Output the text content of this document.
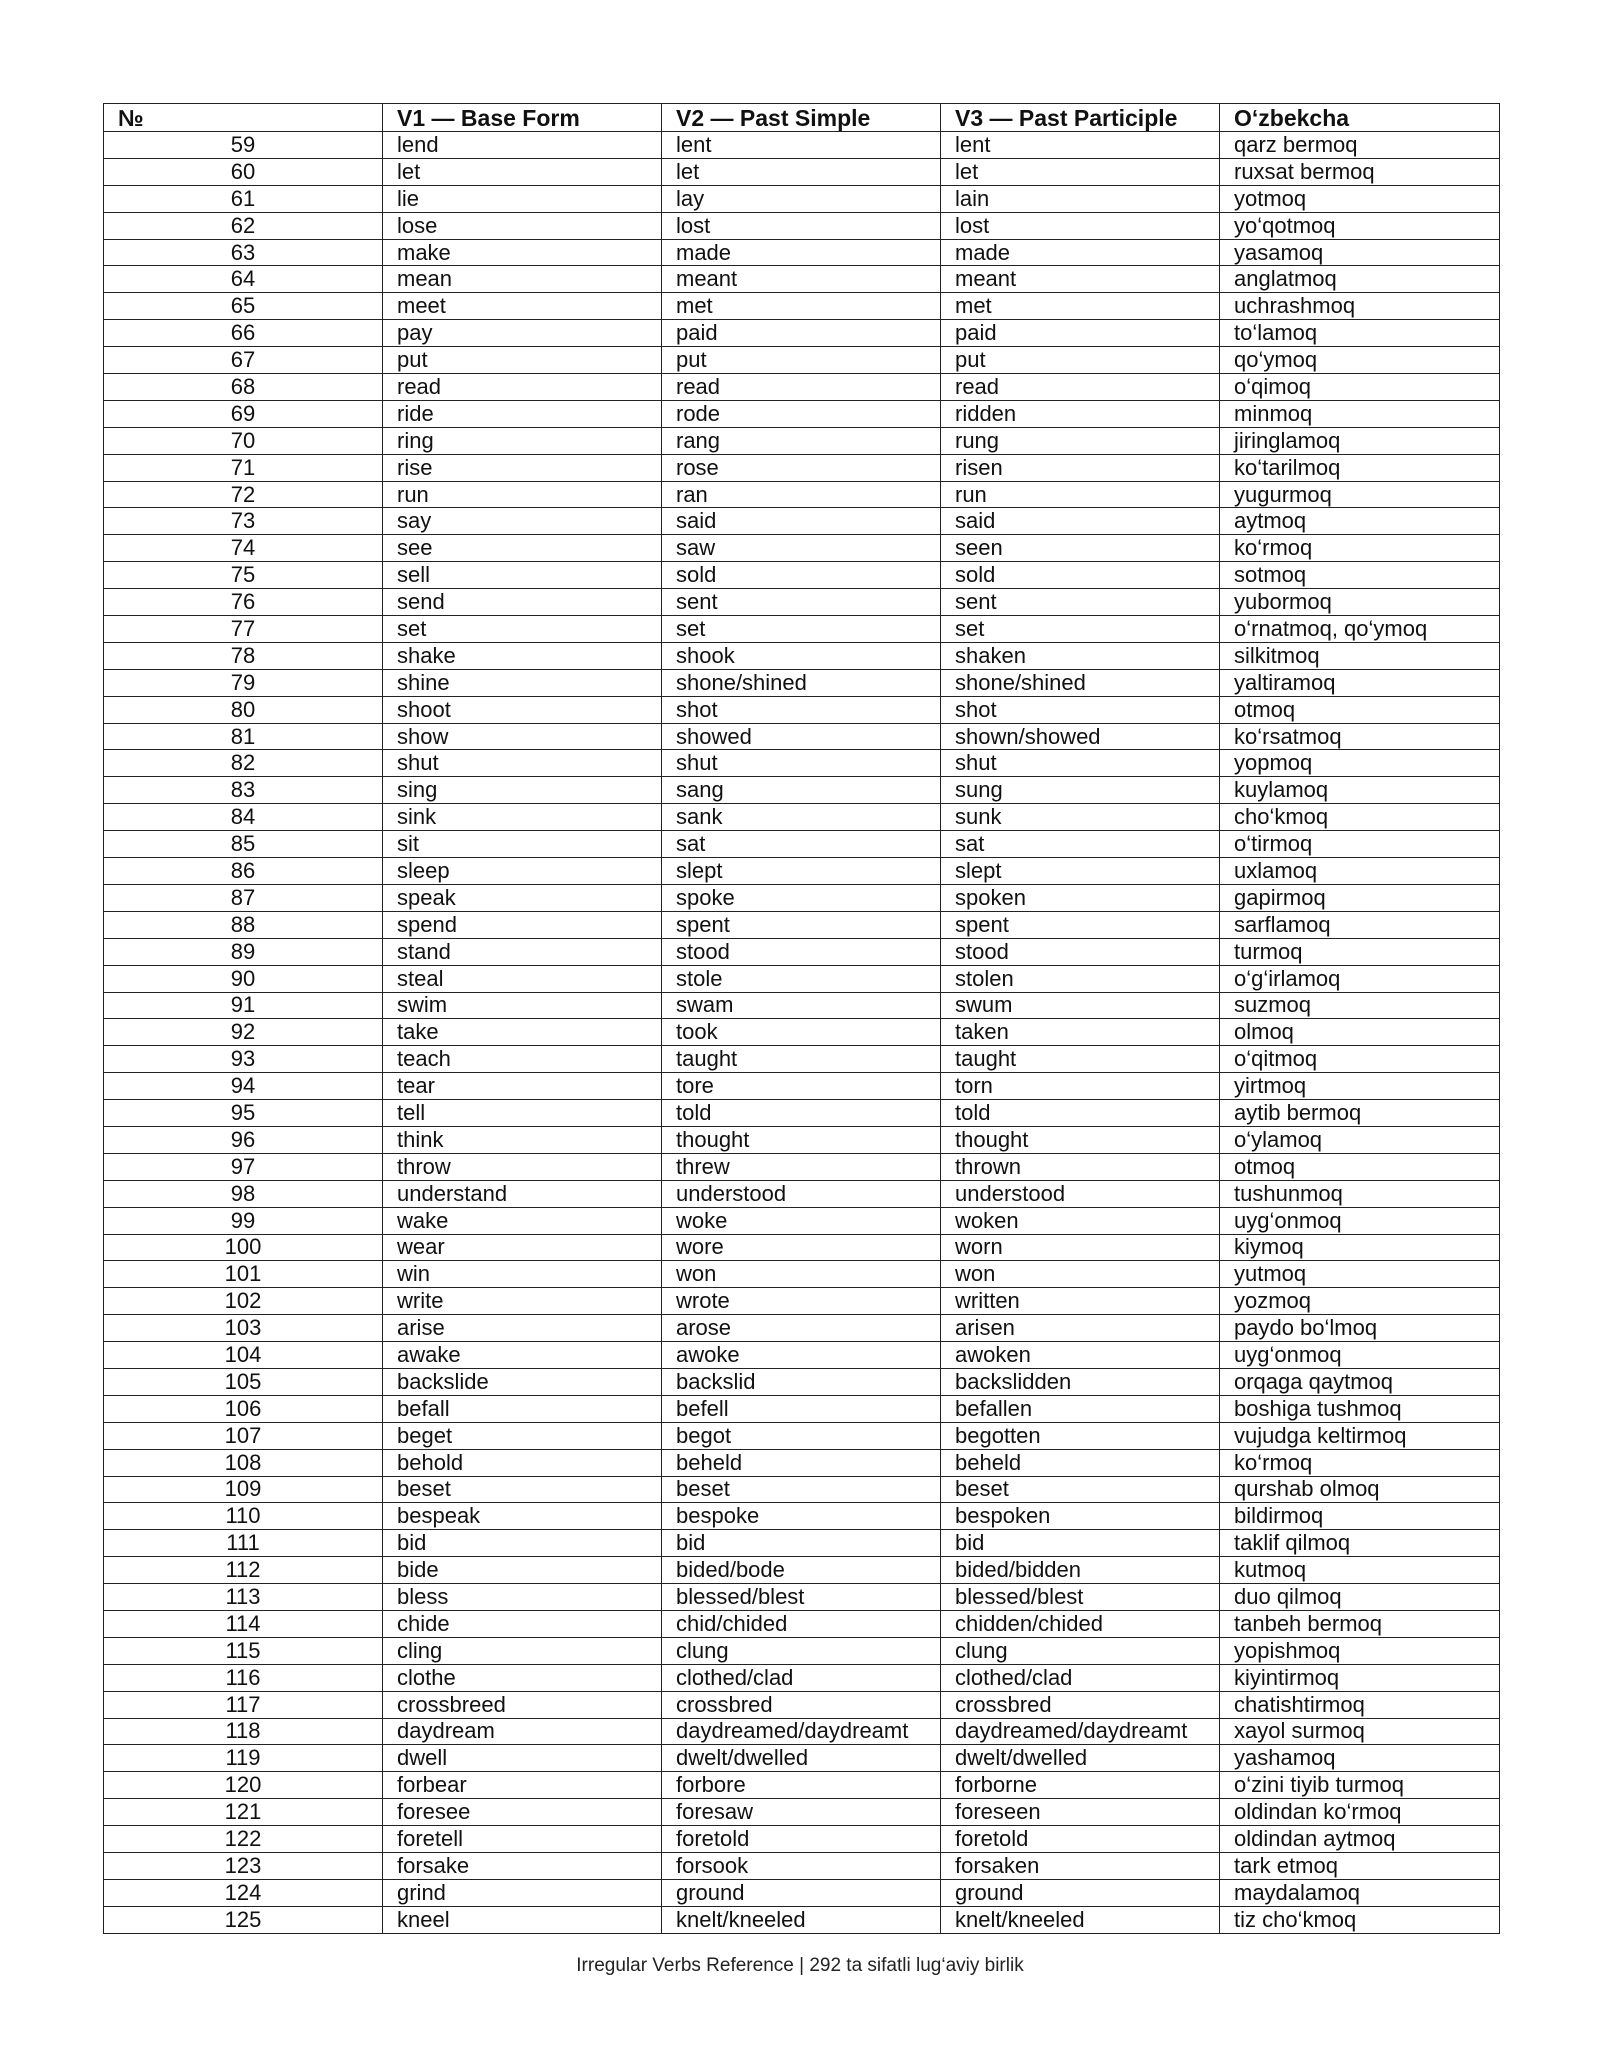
№	V1 — Base Form	V2 — Past Simple	V3 — Past Participle	O‘zbekcha
59	lend	lent	lent	qarz bermoq
60	let	let	let	ruxsat bermoq
61	lie	lay	lain	yotmoq
62	lose	lost	lost	yo‘qotmoq
63	make	made	made	yasamoq
64	mean	meant	meant	anglatmoq
65	meet	met	met	uchrashmoq
66	pay	paid	paid	to‘lamoq
67	put	put	put	qo‘ymoq
68	read	read	read	o‘qimoq
69	ride	rode	ridden	minmoq
70	ring	rang	rung	jiringlamoq
71	rise	rose	risen	ko‘tarilmoq
72	run	ran	run	yugurmoq
73	say	said	said	aytmoq
74	see	saw	seen	ko‘rmoq
75	sell	sold	sold	sotmoq
76	send	sent	sent	yubormoq
77	set	set	set	o‘rnatmoq, qo‘ymoq
78	shake	shook	shaken	silkitmoq
79	shine	shone/shined	shone/shined	yaltiramoq
80	shoot	shot	shot	otmoq
81	show	showed	shown/showed	ko‘rsatmoq
82	shut	shut	shut	yopmoq
83	sing	sang	sung	kuylamoq
84	sink	sank	sunk	cho‘kmoq
85	sit	sat	sat	o‘tirmoq
86	sleep	slept	slept	uxlamoq
87	speak	spoke	spoken	gapirmoq
88	spend	spent	spent	sarflamoq
89	stand	stood	stood	turmoq
90	steal	stole	stolen	o‘g‘irlamoq
91	swim	swam	swum	suzmoq
92	take	took	taken	olmoq
93	teach	taught	taught	o‘qitmoq
94	tear	tore	torn	yirtmoq
95	tell	told	told	aytib bermoq
96	think	thought	thought	o‘ylamoq
97	throw	threw	thrown	otmoq
98	understand	understood	understood	tushunmoq
99	wake	woke	woken	uyg‘onmoq
100	wear	wore	worn	kiymoq
101	win	won	won	yutmoq
102	write	wrote	written	yozmoq
103	arise	arose	arisen	paydo bo‘lmoq
104	awake	awoke	awoken	uyg‘onmoq
105	backslide	backslid	backslidden	orqaga qaytmoq
106	befall	befell	befallen	boshiga tushmoq
107	beget	begot	begotten	vujudga keltirmoq
108	behold	beheld	beheld	ko‘rmoq
109	beset	beset	beset	qurshab olmoq
110	bespeak	bespoke	bespoken	bildirmoq
111	bid	bid	bid	taklif qilmoq
112	bide	bided/bode	bided/bidden	kutmoq
113	bless	blessed/blest	blessed/blest	duo qilmoq
114	chide	chid/chided	chidden/chided	tanbeh bermoq
115	cling	clung	clung	yopishmoq
116	clothe	clothed/clad	clothed/clad	kiyintirmoq
117	crossbreed	crossbred	crossbred	chatishtirmoq
118	daydream	daydreamed/daydreamt	daydreamed/daydreamt	xayol surmoq
119	dwell	dwelt/dwelled	dwelt/dwelled	yashamoq
120	forbear	forbore	forborne	o‘zini tiyib turmoq
121	foresee	foresaw	foreseen	oldindan ko‘rmoq
122	foretell	foretold	foretold	oldindan aytmoq
123	forsake	forsook	forsaken	tark etmoq
124	grind	ground	ground	maydalamoq
125	kneel	knelt/kneeled	knelt/kneeled	tiz cho‘kmoq
Irregular Verbs Reference | 292 ta sifatli lug‘aviy birlik
